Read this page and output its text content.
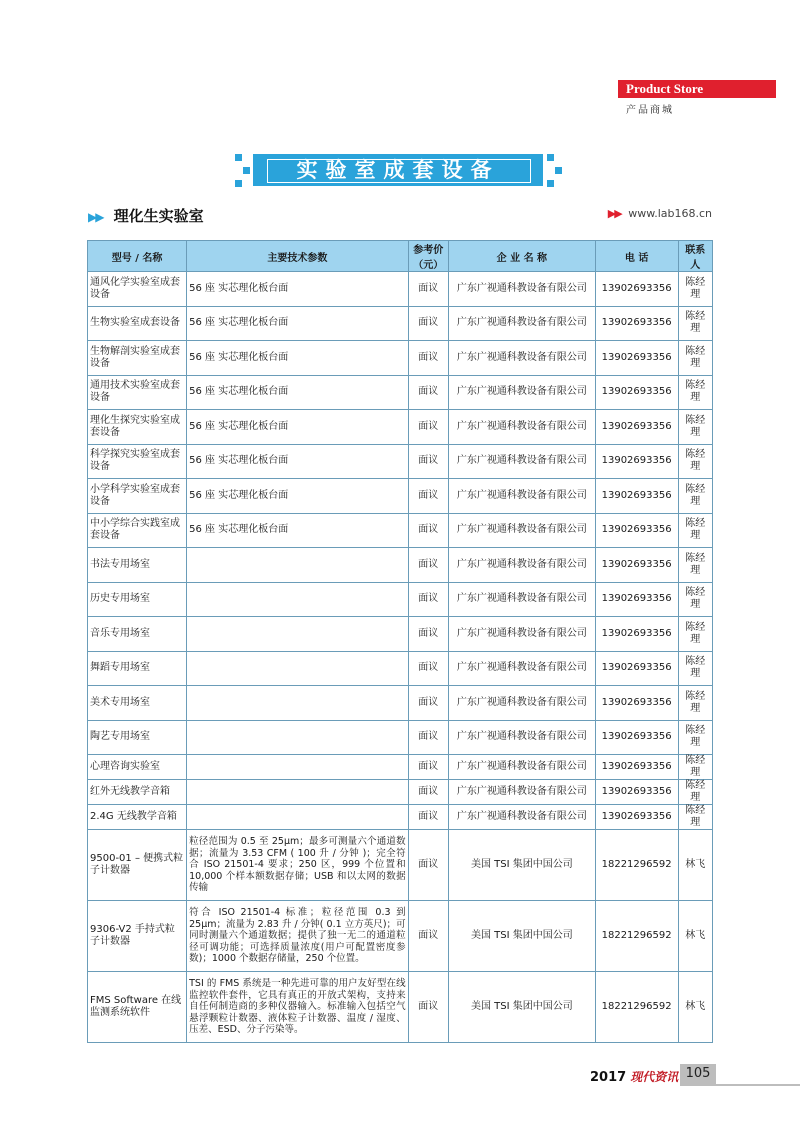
Product Store
产品商城
实验室成套设备
▶▶ 理化生实验室	▶▶ www.lab168.cn
型号 / 名称	主要技术参数	参考价（元）	企 业 名 称	电 话	联系人
通风化学实验室成套设备	56 座 实芯理化板台面	面议	广东广视通科教设备有限公司	13902693356	陈经理
生物实验室成套设备	56 座 实芯理化板台面	面议	广东广视通科教设备有限公司	13902693356	陈经理
生物解剖实验室成套设备	56 座 实芯理化板台面	面议	广东广视通科教设备有限公司	13902693356	陈经理
通用技术实验室成套设备	56 座 实芯理化板台面	面议	广东广视通科教设备有限公司	13902693356	陈经理
理化生探究实验室成套设备	56 座 实芯理化板台面	面议	广东广视通科教设备有限公司	13902693356	陈经理
科学探究实验室成套设备	56 座 实芯理化板台面	面议	广东广视通科教设备有限公司	13902693356	陈经理
小学科学实验室成套设备	56 座 实芯理化板台面	面议	广东广视通科教设备有限公司	13902693356	陈经理
中小学综合实践室成套设备	56 座 实芯理化板台面	面议	广东广视通科教设备有限公司	13902693356	陈经理
书法专用场室		面议	广东广视通科教设备有限公司	13902693356	陈经理
历史专用场室		面议	广东广视通科教设备有限公司	13902693356	陈经理
音乐专用场室		面议	广东广视通科教设备有限公司	13902693356	陈经理
舞蹈专用场室		面议	广东广视通科教设备有限公司	13902693356	陈经理
美术专用场室		面议	广东广视通科教设备有限公司	13902693356	陈经理
陶艺专用场室		面议	广东广视通科教设备有限公司	13902693356	陈经理
心理咨询实验室		面议	广东广视通科教设备有限公司	13902693356	陈经理
红外无线教学音箱		面议	广东广视通科教设备有限公司	13902693356	陈经理
2.4G 无线教学音箱		面议	广东广视通科教设备有限公司	13902693356	陈经理
9500-01 – 便携式粒子计数器	粒径范围为 0.5 至 25μm；最多可测量六个通道数据；流量为 3.53 CFM ( 100 升 / 分钟 )；完全符合 ISO 21501-4 要求；250 区，999 个位置和 10,000 个样本额数据存储；USB 和以太网的数据传输	面议	美国 TSI 集团中国公司	18221296592	林飞
9306-V2 手持式粒子计数器	符合 ISO 21501-4 标准；粒径范围 0.3 到 25μm；流量为 2.83 升 / 分钟( 0.1 立方英尺)；可同时测量六个通道数据；提供了独一无二的通道粒径可调功能；可选择质量浓度(用户可配置密度参数)；1000 个数据存储量，250 个位置。	面议	美国 TSI 集团中国公司	18221296592	林飞
FMS Software 在线监测系统软件	TSI 的 FMS 系统是一种先进可靠的用户友好型在线监控软件套件，它具有真正的开放式架构，支持来自任何制造商的多种仪器输入。标准输入包括空气悬浮颗粒计数器、液体粒子计数器、温度 / 湿度、压差、ESD、分子污染等。	面议	美国 TSI 集团中国公司	18221296592	林飞
2017 现代资讯 105
